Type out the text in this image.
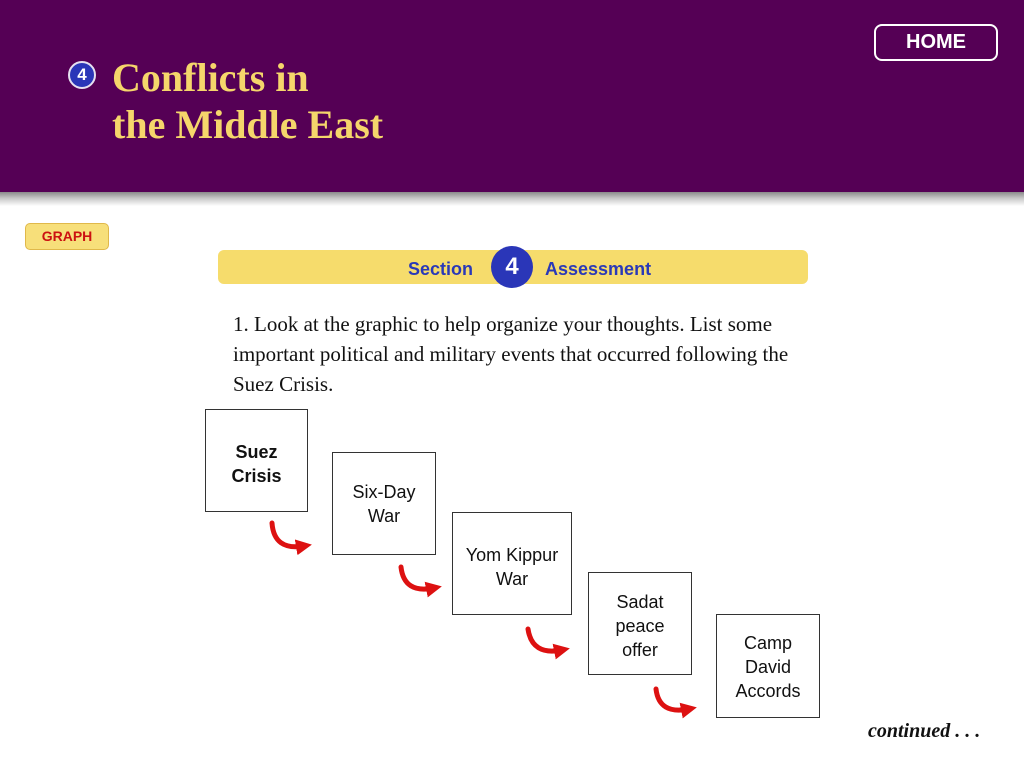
4 Conflicts in
the Middle East
HOME
GRAPH
Section	4	Assessment

1. Look at the graphic to help organize your thoughts. List some important political and military events that occurred following the Suez Crisis.

Suez
Crisis
Six-Day
War
Yom Kippur
War
Sadat
peace
offer	Camp
David
Accords
continued . . .
